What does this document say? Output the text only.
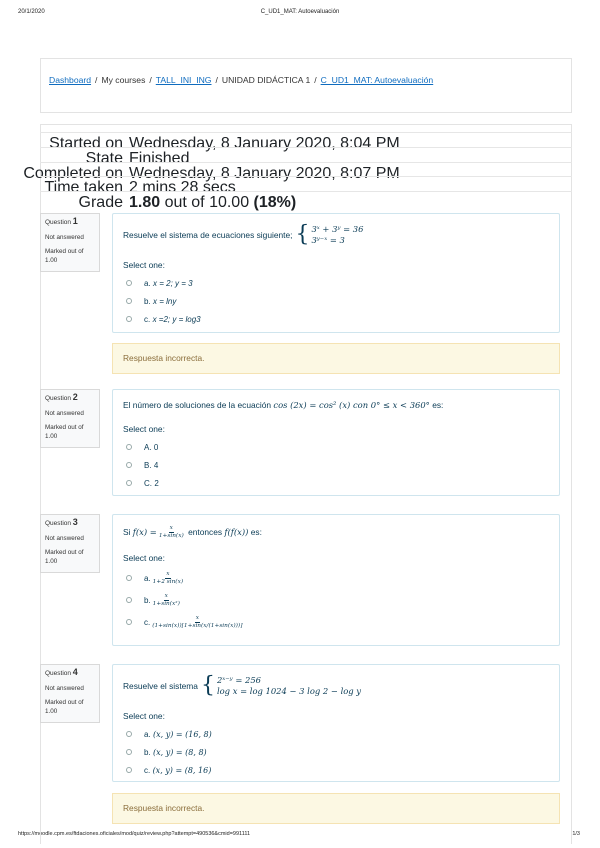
20/1/2020	C_UD1_MAT: Autoevaluación
https://moodle.cpm.es/ftdaciones.oficiales/mod/quiz/review.php?attempt=490536&cmid=991111	1/3
Dashboard / My courses / TALL_INI_ING / UNIDAD DIDÁCTICA 1 / C_UD1_MAT: Autoevaluación
Started on Wednesday, 8 January 2020, 8:04 PM
State Finished
Completed on Wednesday, 8 January 2020, 8:07 PM
Time taken 2 mins 28 secs
Grade 1.80 out of 10.00 (18%)

Question 1

Not answered

Marked out of
1.00

Resuelve el sistema de ecuaciones siguiente; { 3ˣ + 3ʸ = 36
3ʸ⁻ˣ = 3
Select one:
a.
x = 2; y = 3
b.
x = lny
c.
x =2; y = log3
Respuesta incorrecta.

Question 2

Not answered

Marked out of
1.00

El número de soluciones de la ecuación
cos (2x) = cos² (x) con 0° ≤ x < 360°
es:
Select one:
A.
0
B.
4
C.
2

Question 3

Not answered

Marked out of
1.00

Si
$f(x) = \frac{x}{1+\sin(x)}$
entonces
f(f(x))
es:
Select one:
a. $\frac{x}{1+2 \sin(x)}$
b. $\frac{x}{\text{1+sin(x²)}}$
c. $\frac{x}{(1+\sin(x))[1+\sin(x/(1+\sin(x)))]}$

Question 4

Not answered

Marked out of
1.00

Resuelve el sistema { 2ˣ⁻ʸ = 256
log x = log 1024 − 3 log 2 − log y
Select one:
a.
(x, y) = (16, 8)
b.
(x, y) = (8, 8)
c.
(x, y) = (8, 16)
Respuesta incorrecta.
